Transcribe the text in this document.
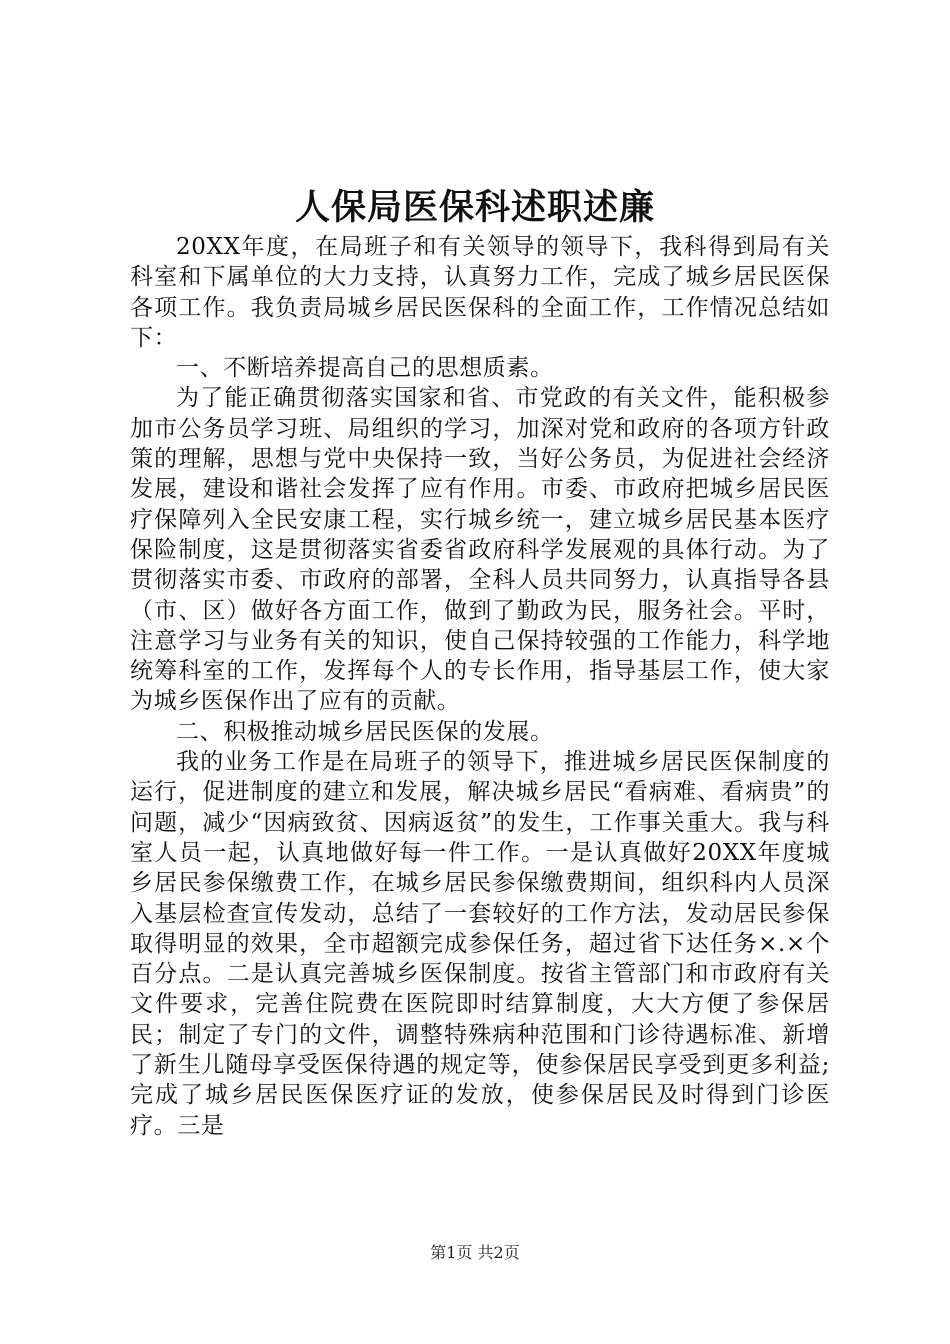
人保局医保科述职述廉

20XX年度，在局班子和有关领导的领导下，我科得到局有关科室和下属单位的大力支持，认真努力工作，完成了城乡居民医保各项工作。我负责局城乡居民医保科的全面工作，工作情况总结如下：

一、不断培养提高自己的思想质素。

为了能正确贯彻落实国家和省、市党政的有关文件，能积极参加市公务员学习班、局组织的学习，加深对党和政府的各项方针政策的理解，思想与党中央保持一致，当好公务员，为促进社会经济发展，建设和谐社会发挥了应有作用。市委、市政府把城乡居民医疗保障列入全民安康工程，实行城乡统一，建立城乡居民基本医疗保险制度，这是贯彻落实省委省政府科学发展观的具体行动。为了贯彻落实市委、市政府的部署，全科人员共同努力，认真指导各县（市、区）做好各方面工作，做到了勤政为民，服务社会。平时，注意学习与业务有关的知识，使自己保持较强的工作能力，科学地统筹科室的工作，发挥每个人的专长作用，指导基层工作，使大家为城乡医保作出了应有的贡献。

二、积极推动城乡居民医保的发展。

我的业务工作是在局班子的领导下，推进城乡居民医保制度的运行，促进制度的建立和发展，解决城乡居民“看病难、看病贵”的问题，减少“因病致贫、因病返贫”的发生，工作事关重大。我与科室人员一起，认真地做好每一件工作。一是认真做好20XX年度城乡居民参保缴费工作，在城乡居民参保缴费期间，组织科内人员深入基层检查宣传发动，总结了一套较好的工作方法，发动居民参保取得明显的效果，全市超额完成参保任务，超过省下达任务×.×个百分点。二是认真完善城乡医保制度。按省主管部门和市政府有关文件要求，完善住院费在医院即时结算制度，大大方便了参保居民；制定了专门的文件，调整特殊病种范围和门诊待遇标准、新增了新生儿随母享受医保待遇的规定等，使参保居民享受到更多利益;完成了城乡居民医保医疗证的发放，使参保居民及时得到门诊医疗。三是

第1页 共2页
